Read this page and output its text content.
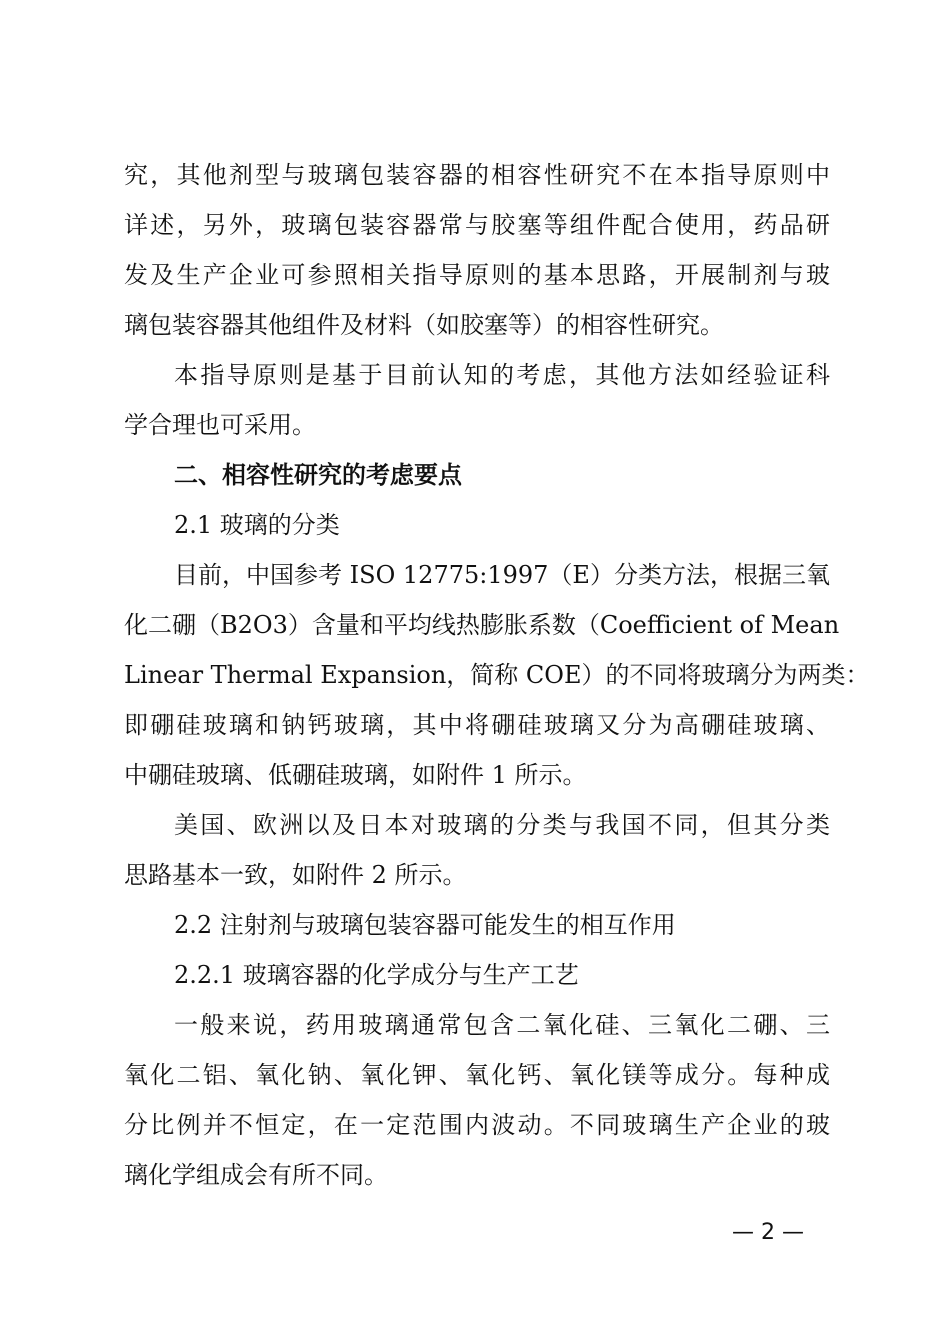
究，其他剂型与玻璃包装容器的相容性研究不在本指导原则中
详述，另外，玻璃包装容器常与胶塞等组件配合使用，药品研
发及生产企业可参照相关指导原则的基本思路，开展制剂与玻
璃包装容器其他组件及材料（如胶塞等）的相容性研究。
本指导原则是基于目前认知的考虑，其他方法如经验证科
学合理也可采用。
二、相容性研究的考虑要点
2.1 玻璃的分类
目前，中国参考 ISO 12775:1997（E）分类方法，根据三氧
化二硼（B2O3）含量和平均线热膨胀系数（Coefficient of Mean
Linear Thermal Expansion，简称 COE）的不同将玻璃分为两类：
即硼硅玻璃和钠钙玻璃，其中将硼硅玻璃又分为高硼硅玻璃、
中硼硅玻璃、低硼硅玻璃，如附件 1 所示。
美国、欧洲以及日本对玻璃的分类与我国不同，但其分类
思路基本一致，如附件 2 所示。
2.2 注射剂与玻璃包装容器可能发生的相互作用
2.2.1 玻璃容器的化学成分与生产工艺
一般来说，药用玻璃通常包含二氧化硅、三氧化二硼、三
氧化二铝、氧化钠、氧化钾、氧化钙、氧化镁等成分。每种成
分比例并不恒定，在一定范围内波动。不同玻璃生产企业的玻
璃化学组成会有所不同。
— 2 —
